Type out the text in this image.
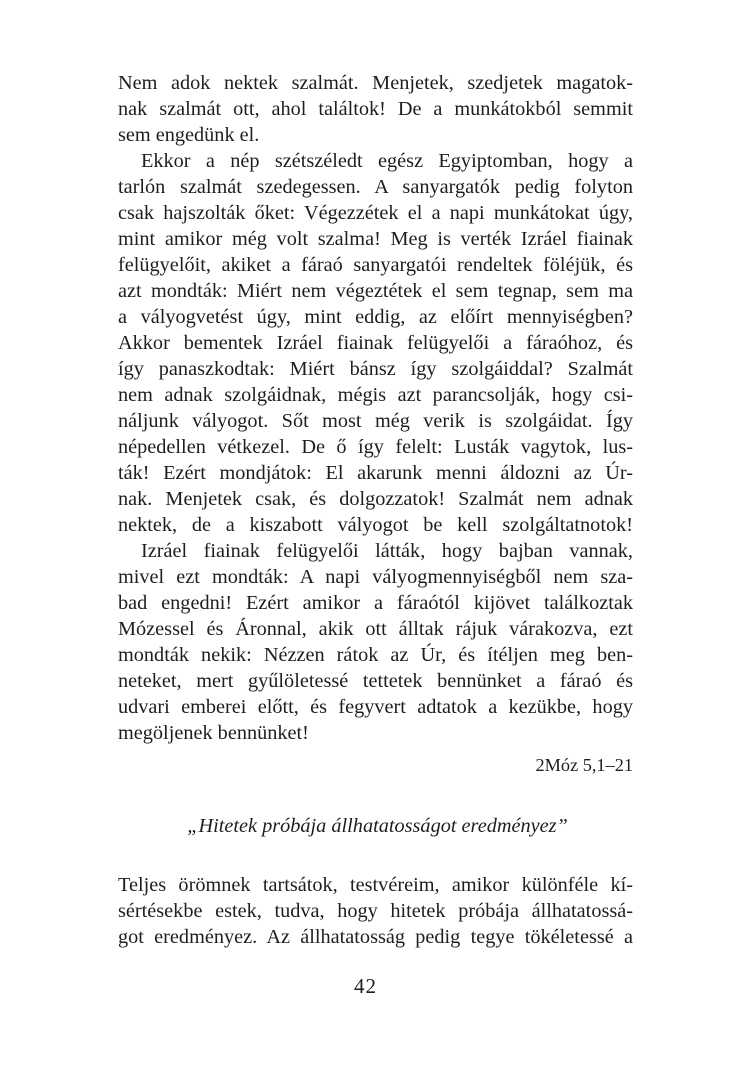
Nem adok nektek szalmát. Menjetek, szedjetek magatok-
nak szalmát ott, ahol találtok! De a munkátokból semmit
sem engedünk el.
Ekkor a nép szétszéledt egész Egyiptomban, hogy a
tarlón szalmát szedegessen. A sanyargatók pedig folyton
csak hajszolták őket: Végezzétek el a napi munkátokat úgy,
mint amikor még volt szalma! Meg is verték Izráel fiainak
felügyelőit, akiket a fáraó sanyargatói rendeltek föléjük, és
azt mondták: Miért nem végeztétek el sem tegnap, sem ma
a vályogvetést úgy, mint eddig, az előírt mennyiségben?
Akkor bementek Izráel fiainak felügyelői a fáraóhoz, és
így panaszkodtak: Miért bánsz így szolgáiddal? Szalmát
nem adnak szolgáidnak, mégis azt parancsolják, hogy csi-
náljunk vályogot. Sőt most még verik is szolgáidat. Így
népedellen vétkezel. De ő így felelt: Lusták vagytok, lus-
ták! Ezért mondjátok: El akarunk menni áldozni az Úr-
nak. Menjetek csak, és dolgozzatok! Szalmát nem adnak
nektek, de a kiszabott vályogot be kell szolgáltatnotok!
Izráel fiainak felügyelői látták, hogy bajban vannak,
mivel ezt mondták: A napi vályogmennyiségből nem sza-
bad engedni! Ezért amikor a fáraótól kijövet találkoztak
Mózessel és Áronnal, akik ott álltak rájuk várakozva, ezt
mondták nekik: Nézzen rátok az Úr, és ítéljen meg ben-
neteket, mert gyűlöletessé tettetek bennünket a fáraó és
udvari emberei előtt, és fegyvert adtatok a kezükbe, hogy
megöljenek bennünket!
2Móz 5,1–21
„Hitetek próbája állhatatosságot eredményez”
Teljes örömnek tartsátok, testvéreim, amikor különféle kí-
sértésekbe estek, tudva, hogy hitetek próbája állhatatossá-
got eredményez. Az állhatatosság pedig tegye tökéletessé a
42
